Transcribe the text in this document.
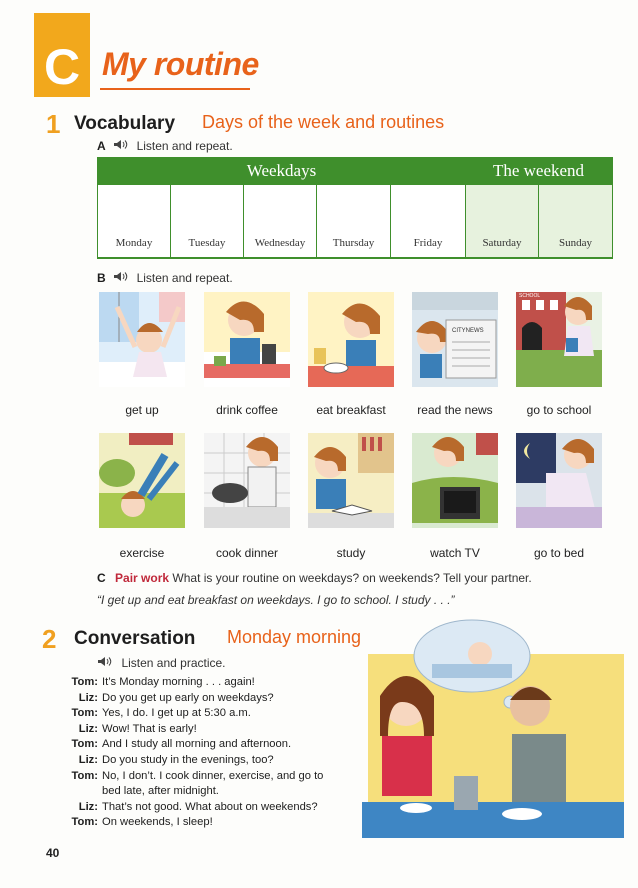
C My routine
1 Vocabulary Days of the week and routines
A	Listen and repeat.
Weekdays	The weekend
Monday	Tuesday	Wednesday	Thursday	Friday	Saturday	Sunday
B	Listen and repeat.
CITYNEWS
SCHOOL
get up	drink coffee	eat breakfast	read the news	go to school
exercise	cook dinner	study	watch TV	go to bed
C Pair work What is your routine on weekdays? on weekends? Tell your partner.
“I get up and eat breakfast on weekdays. I go to school. I study . . .”
2 Conversation Monday morning
Listen and practice.
Tom: It’s Monday morning . . . again!
Liz: Do you get up early on weekdays?
Tom: Yes, I do. I get up at 5:30 a.m.
Liz: Wow! That is early!
Tom: And I study all morning and afternoon.
Liz: Do you study in the evenings, too?
Tom: No, I don’t. I cook dinner, exercise, and go to
bed late, after midnight.
Liz: That’s not good. What about on weekends?
Tom: On weekends, I sleep!
40
